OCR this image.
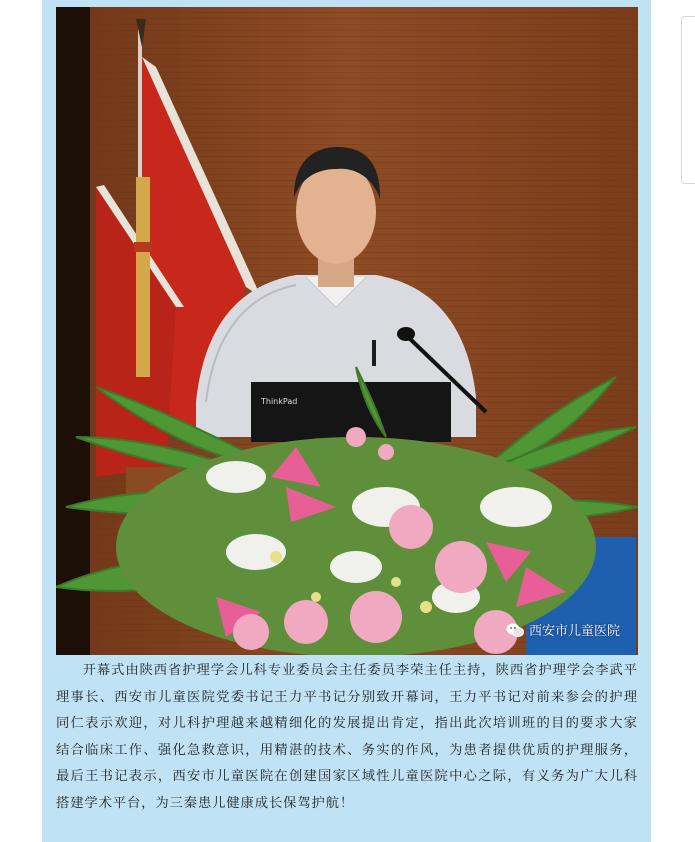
ThinkPad
西安市儿童医院

开幕式由陕西省护理学会儿科专业委员会主任委员李荣主任主持，陕西省护理学会李武平理事长、西安市儿童医院党委书记王力平书记分别致开幕词，王力平书记对前来参会的护理同仁表示欢迎，对儿科护理越来越精细化的发展提出肯定，指出此次培训班的目的要求大家结合临床工作、强化急救意识，用精湛的技术、务实的作风，为患者提供优质的护理服务，最后王书记表示，西安市儿童医院在创建国家区域性儿童医院中心之际，有义务为广大儿科搭建学术平台，为三秦患儿健康成长保驾护航！
